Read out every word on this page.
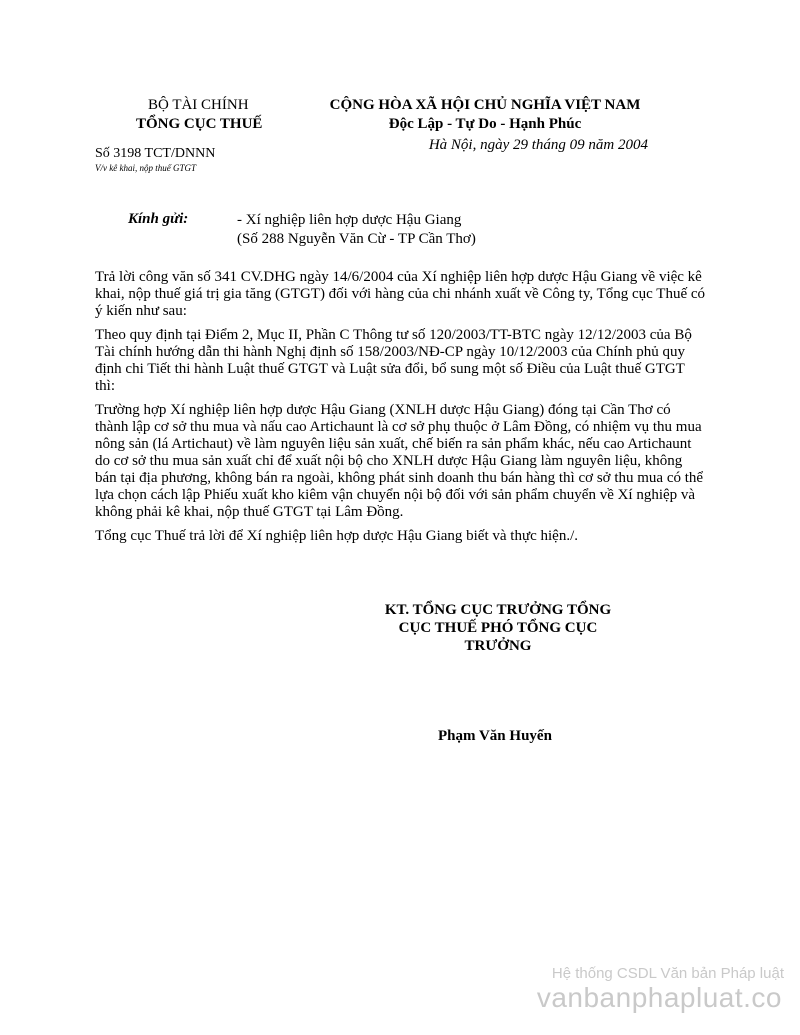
BỘ TÀI CHÍNH
TỔNG CỤC THUẾ
Số 3198 TCT/DNNN
V/v kê khai, nộp thuế GTGT
CỘNG HÒA XÃ HỘI CHỦ NGHĨA VIỆT NAM
Độc Lập - Tự Do - Hạnh Phúc
Hà Nội, ngày 29 tháng 09 năm 2004
Kính gửi:	- Xí nghiệp liên hợp dược Hậu Giang
(Số 288 Nguyễn Văn Cừ - TP Cần Thơ)

Trả lời công văn số 341 CV.DHG ngày 14/6/2004 của Xí nghiệp liên hợp dược Hậu Giang về việc kê khai, nộp thuế giá trị gia tăng (GTGT) đối với hàng của chi nhánh xuất về Công ty, Tổng cục Thuế có ý kiến như sau:

Theo quy định tại Điểm 2, Mục II, Phần C Thông tư số 120/2003/TT-BTC ngày 12/12/2003 của Bộ Tài chính hướng dẫn thi hành Nghị định số 158/2003/NĐ-CP ngày 10/12/2003 của Chính phủ quy định chi Tiết thi hành Luật thuế GTGT và Luật sửa đổi, bổ sung một số Điều của Luật thuế GTGT thì:

Trường hợp Xí nghiệp liên hợp dược Hậu Giang (XNLH dược Hậu Giang) đóng tại Cần Thơ có thành lập cơ sở thu mua và nấu cao Artichaunt là cơ sở phụ thuộc ở Lâm Đồng, có nhiệm vụ thu mua nông sản (lá Artichaut) về làm nguyên liệu sản xuất, chế biến ra sản phẩm khác, nếu cao Artichaunt do cơ sở thu mua sản xuất chỉ để xuất nội bộ cho XNLH dược Hậu Giang làm nguyên liệu, không bán tại địa phương, không bán ra ngoài, không phát sinh doanh thu bán hàng thì cơ sở thu mua có thể lựa chọn cách lập Phiếu xuất kho kiêm vận chuyển nội bộ đối với sản phẩm chuyển về Xí nghiệp và không phải kê khai, nộp thuế GTGT tại Lâm Đồng.

Tổng cục Thuế trả lời để Xí nghiệp liên hợp dược Hậu Giang biết và thực hiện./.

KT. TỔNG CỤC TRƯỞNG TỔNG CỤC THUẾ PHÓ TỔNG CỤC TRƯỞNG
Phạm Văn Huyến
Hệ thống CSDL Văn bản Pháp luật
vanbanphapluat.co
